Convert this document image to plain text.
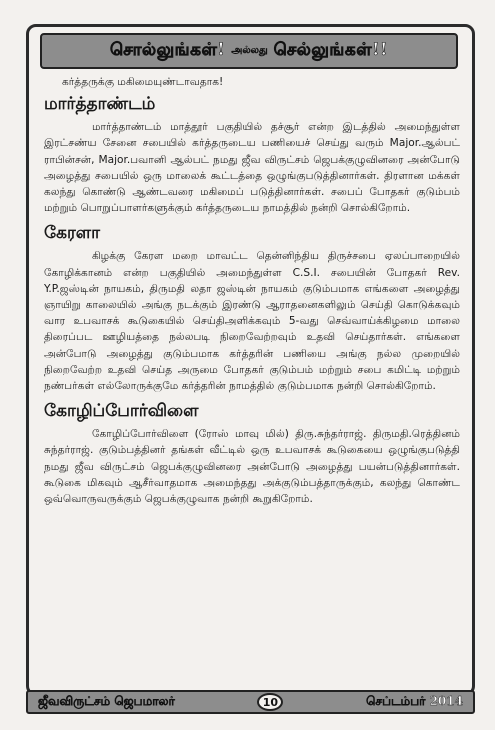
சொல்லுங்கள்! அல்லது செல்லுங்கள்!!

கர்த்தருக்கு மகிமையுண்டாவதாக!

மார்த்தாண்டம்

மார்த்தாண்டம் மாத்தூர் பகுதியில் தச்சூர் என்ற இடத்தில் அமைந்துள்ள இரட்சண்ய சேனை சபையில் கர்த்தருடைய பணியைச் செய்து வரும் Major.ஆல்பட் ராபின்சன், Major.பவானி ஆல்பட் நமது ஜீவ விருட்சம் ஜெபக்குழுவினரை அன்போடு அழைத்து சபையில் ஒரு மாலைக் கூட்டத்தை ஒழுங்குபடுத்தினார்கள். திரளான மக்கள் கலந்து கொண்டு ஆண்டவரை மகிமைப் படுத்தினார்கள். சபைப் போதகர் குடும்பம் மற்றும் பொறுப்பாளர்களுக்கும் கர்த்தருடைய நாமத்தில் நன்றி சொல்கிறோம்.

கேரளா

கிழக்கு கேரள மறை மாவட்ட தென்னிந்திய திருச்சபை ஏலப்பாறையில் கோழிக்கானம் என்ற பகுதியில் அமைந்துள்ள C.S.I. சபையின் போதகர் Rev. Y.P.ஜஸ்டின் நாயகம், திருமதி லதா ஜஸ்டின் நாயகம் குடும்பமாக எங்களை அழைத்து ஞாயிறு காலையில் அங்கு நடக்கும் இரண்டு ஆராதனைகளிலும் செய்தி கொடுக்கவும் வார உபவாசக் கூடுகையில் செய்திஅளிக்கவும் 5-வது செவ்வாய்க்கிழமை மாலை திரைப்பட ஊழியத்தை நல்லபடி நிறைவேற்றவும் உதவி செய்தார்கள். எங்களை அன்போடு அழைத்து குடும்பமாக கர்த்தரின் பணியை அங்கு நல்ல முறையில் நிறைவேற்ற உதவி செய்த அருமை போதகர் குடும்பம் மற்றும் சபை கமிட்டி மற்றும் நண்பர்கள் எல்லோருக்குமே கர்த்தரின் நாமத்தில் குடும்பமாக நன்றி சொல்கிறோம்.

கோழிப்போர்விளை

கோழிப்போர்விளை (ரோஸ் மாவு மில்) திரு.சுந்தர்ராஜ். திருமதி.ரெத்தினம் சுந்தர்ராஜ். குடும்பத்தினர் தங்கள் வீட்டில் ஒரு உபவாசக் கூடுகையை ஒழுங்குபடுத்தி நமது ஜீவ விருட்சம் ஜெபக்குழுவினரை அன்போடு அழைத்து பயன்படுத்தினார்கள். கூடுகை மிகவும் ஆசீர்வாதமாக அமைந்தது அக்குடும்பத்தாருக்கும், கலந்து கொண்ட ஒவ்வொருவருக்கும் ஜெபக்குழுவாக நன்றி கூறுகிறோம்.

ஜீவவிருட்சம் ஜெபமாலர்	10	செப்டம்பர் 2014
